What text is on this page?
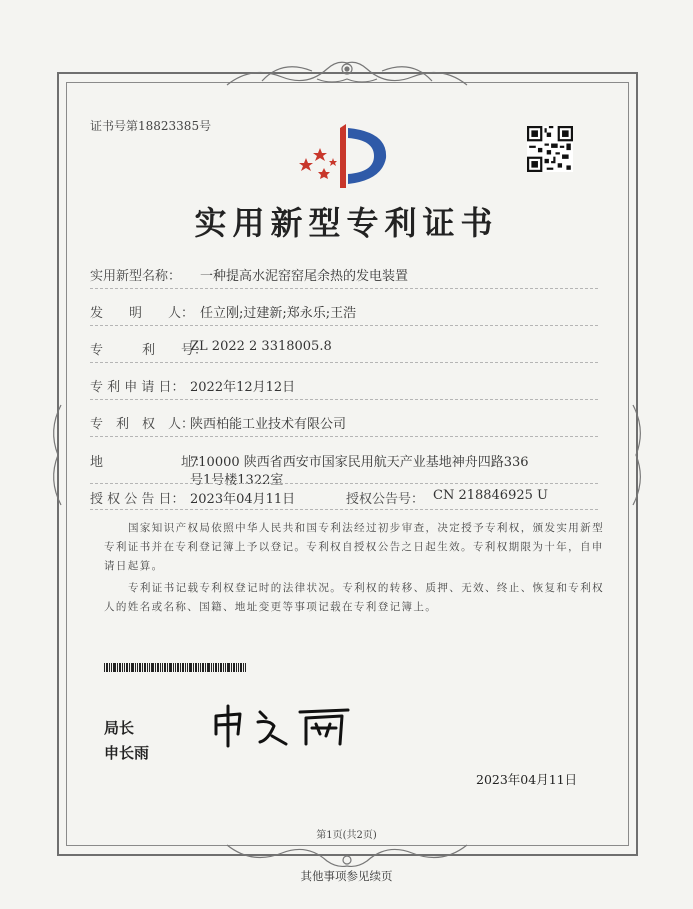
证书号第18823385号
实用新型专利证书
实用新型名称： 一种提高水泥窑窑尾余热的发电装置
发　　明　　人： 任立刚;过建新;郑永乐;王浩
专　　　利　　号：
ZL 2022 2 3318005.8
专 利 申 请 日： 2022年12月12日
专　利　权　人：
陕西柏能工业技术有限公司
地　　　　　　址：
710000 陕西省西安市国家民用航天产业基地神舟四路336
号1号楼1322室
授 权 公 告 日： 2023年04月11日	授权公告号： CN 218846925 U
国家知识产权局依照中华人民共和国专利法经过初步审查，决定授予专利权，颁发实用新型
专利证书并在专利登记簿上予以登记。专利权自授权公告之日起生效。专利权期限为十年，自申
请日起算。
专利证书记载专利权登记时的法律状况。专利权的转移、质押、无效、终止、恢复和专利权
人的姓名或名称、国籍、地址变更等事项记载在专利登记簿上。
局长
申长雨
2023年04月11日
第1页(共2页)
其他事项参见续页
